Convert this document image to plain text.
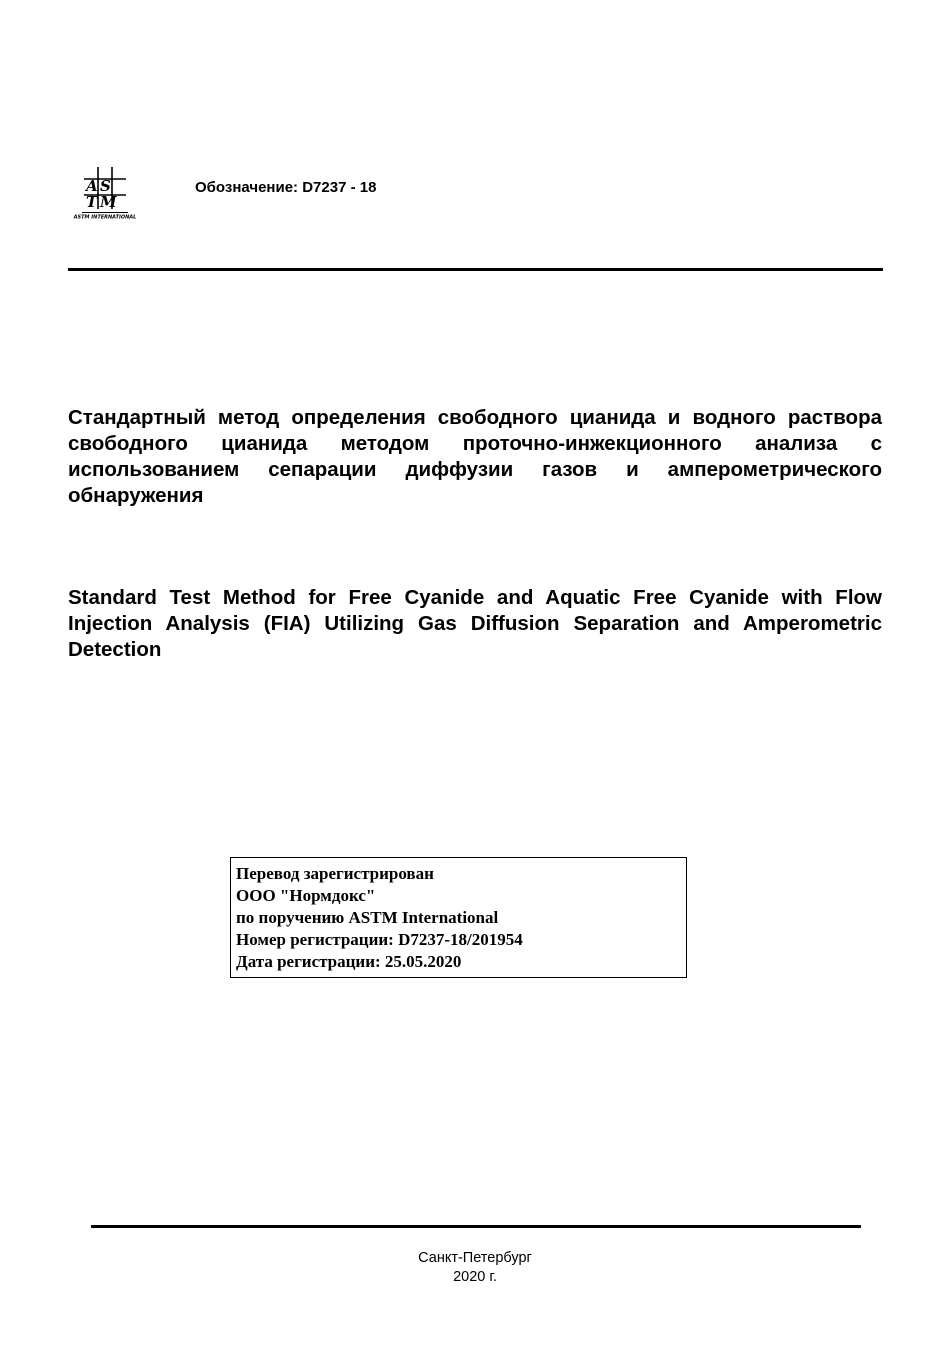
A S
T M
ASTM INTERNATIONAL
Обозначение: D7237 - 18

Стандартный метод определения свободного цианида и водного раствора свободного цианида методом проточно-инжекционного анализа с использованием сепарации диффузии газов и амперометрического обнаружения

Standard Test Method for Free Cyanide and Aquatic Free Cyanide with Flow Injection Analysis (FIA) Utilizing Gas Diffusion Separation and Amperometric Detection

Перевод зарегистрирован
ООО "Нормдокс"
по поручению ASTM International
Номер регистрации: D7237-18/201954
Дата регистрации: 25.05.2020
Санкт-Петербург
2020 г.
